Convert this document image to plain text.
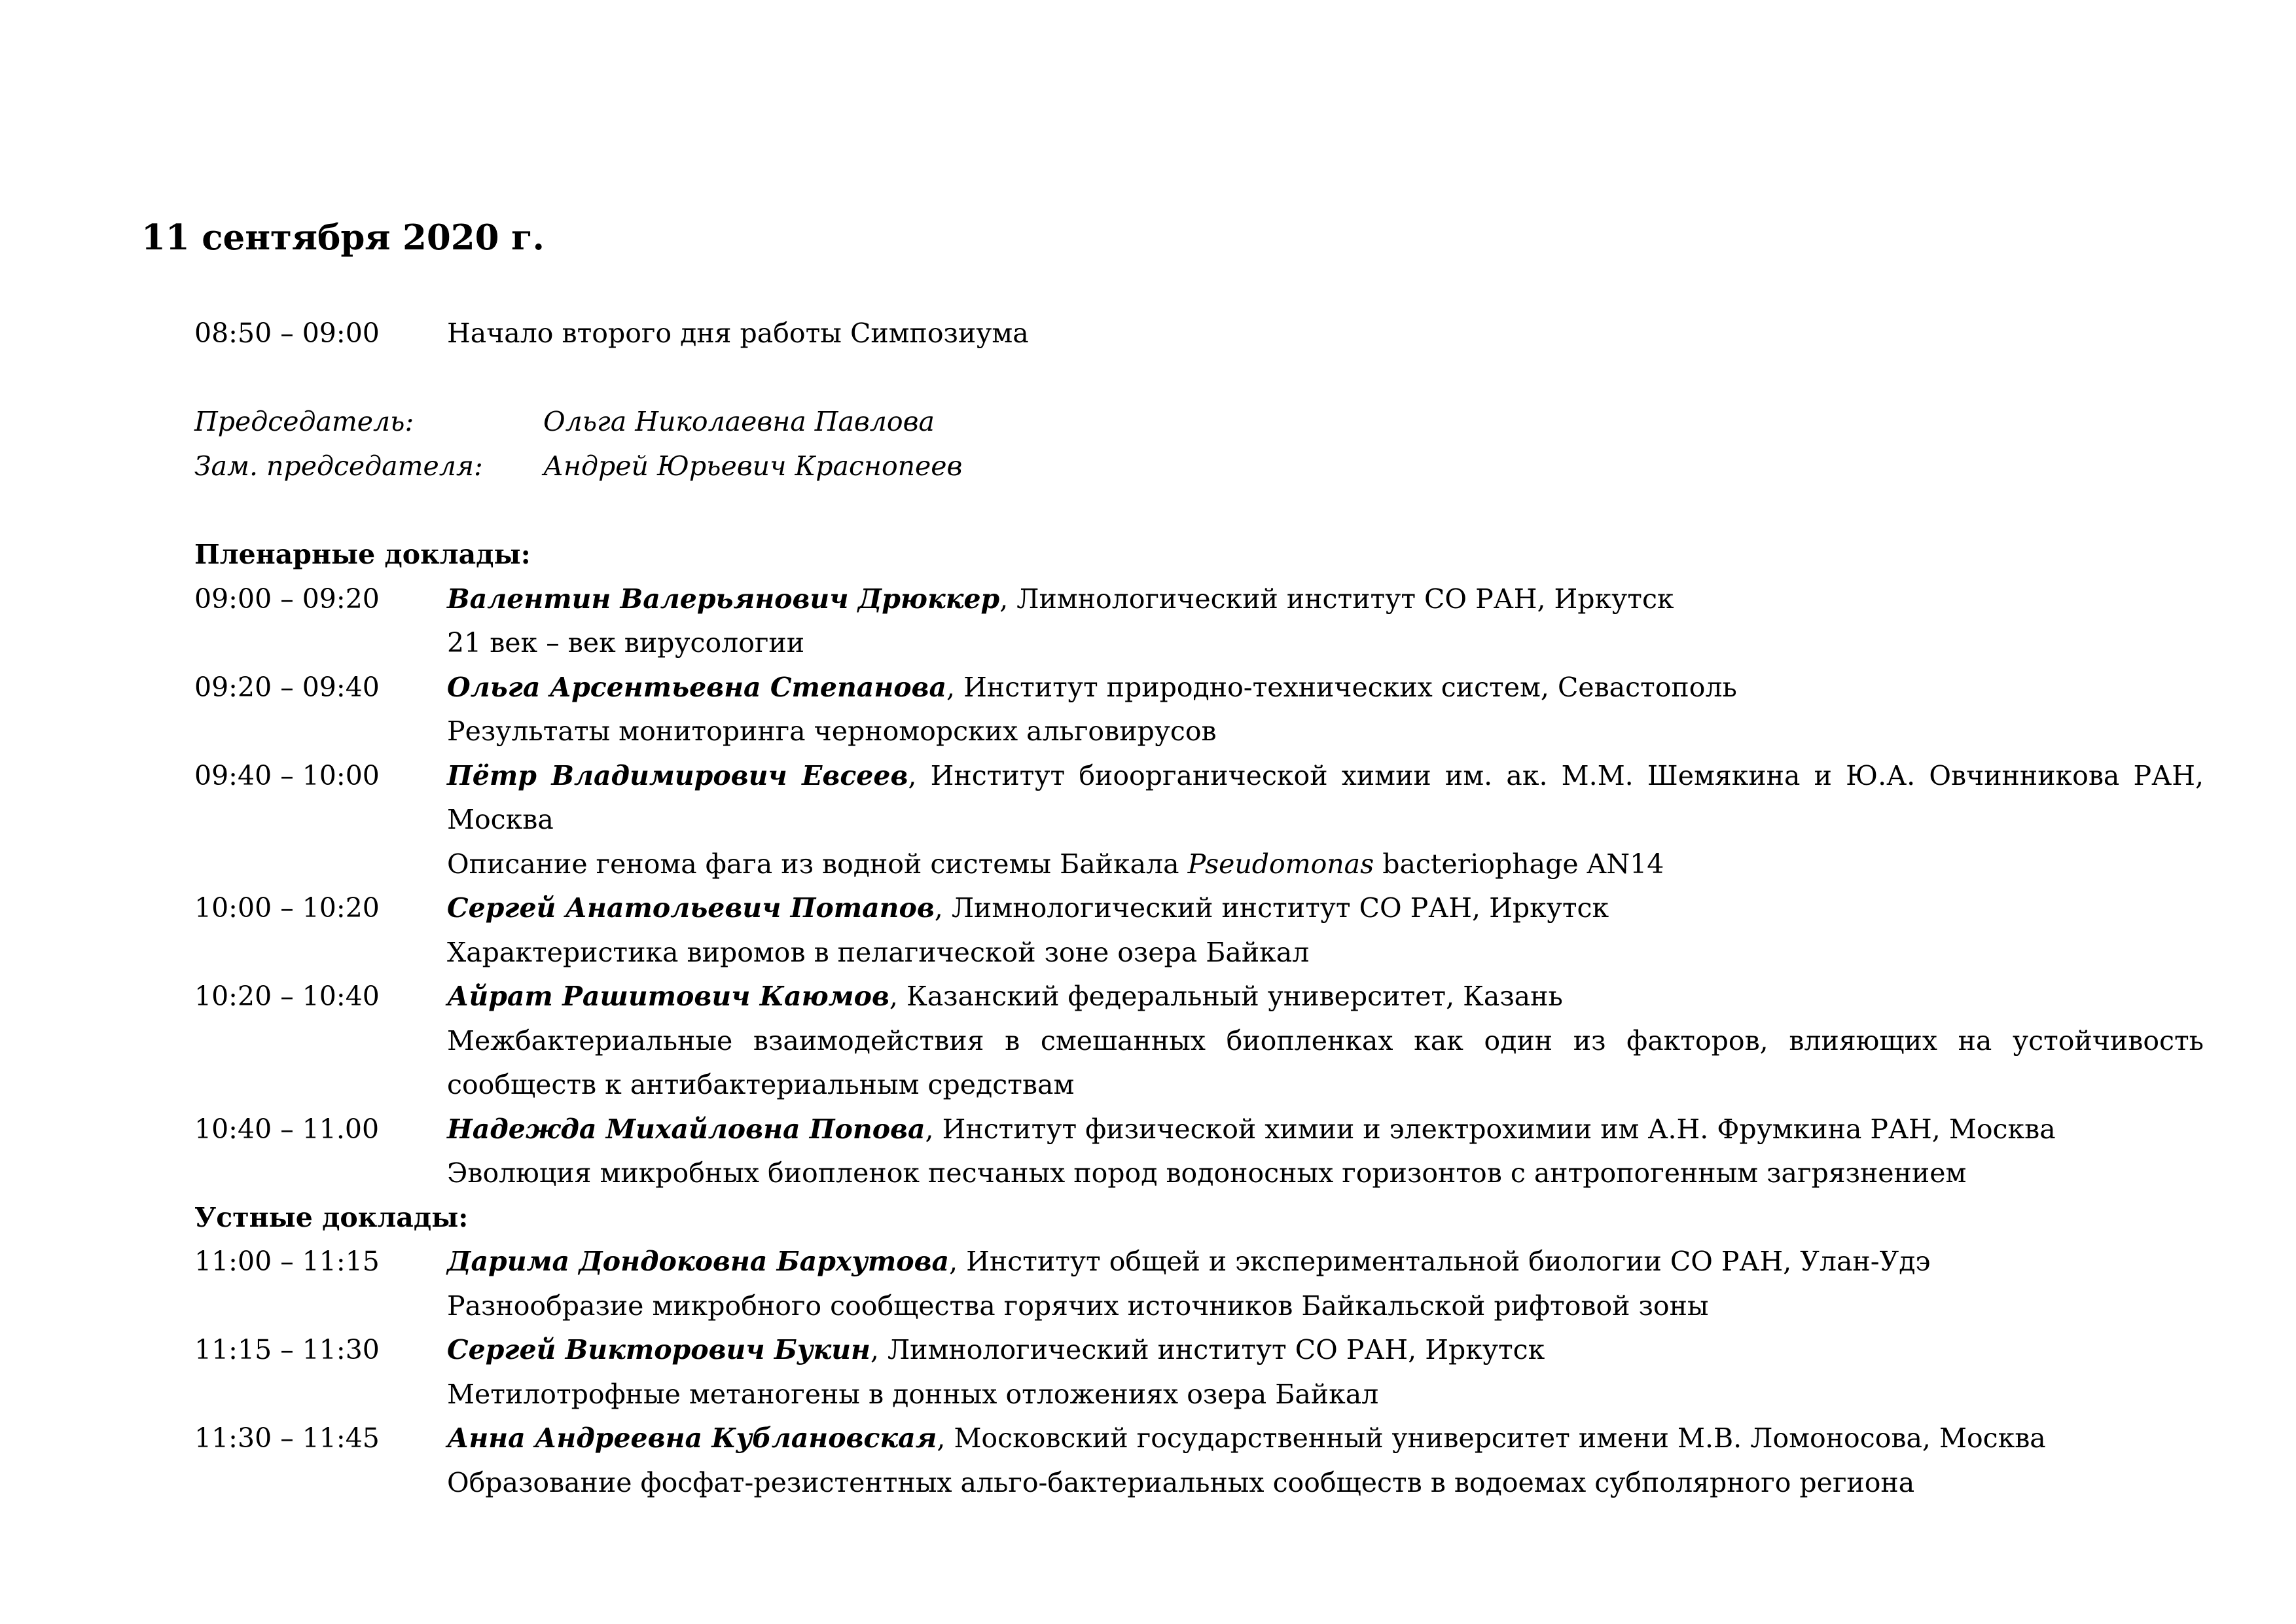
11 сентября 2020 г.
08:50 – 09:00	Начало второго дня работы Симпозиума
Председатель:	Ольга Николаевна Павлова
Зам. председателя:	Андрей Юрьевич Краснопеев
Пленарные доклады:
09:00 – 09:20	Валентин Валерьянович Дрюккер, Лимнологический институт СО РАН, Иркутск
21 век – век вирусологии
09:20 – 09:40	Ольга Арсентьевна Степанова, Институт природно-технических систем, Севастополь
Результаты мониторинга черноморских альговирусов
09:40 – 10:00	Пётр Владимирович Евсеев, Институт биоорганической химии им. ак. М.М. Шемякина и Ю.А. Овчинникова РАН, Москва
Описание генома фага из водной системы Байкала Pseudomonas bacteriophage AN14
10:00 – 10:20	Сергей Анатольевич Потапов, Лимнологический институт СО РАН, Иркутск
Характеристика виромов в пелагической зоне озера Байкал
10:20 – 10:40	Айрат Рашитович Каюмов, Казанский федеральный университет, Казань
Межбактериальные взаимодействия в смешанных биопленках как один из факторов, влияющих на устойчивость сообществ к антибактериальным средствам
10:40 – 11.00	Надежда Михайловна Попова, Институт физической химии и электрохимии им А.Н. Фрумкина РАН, Москва
Эволюция микробных биопленок песчаных пород водоносных горизонтов с антропогенным загрязнением
Устные доклады:
11:00 – 11:15	Дарима Дондоковна Бархутова, Институт общей и экспериментальной биологии СО РАН, Улан-Удэ
Разнообразие микробного сообщества горячих источников Байкальской рифтовой зоны
11:15 – 11:30	Сергей Викторович Букин, Лимнологический институт СО РАН, Иркутск
Метилотрофные метаногены в донных отложениях озера Байкал
11:30 – 11:45	Анна Андреевна Кублановская, Московский государственный университет имени М.В. Ломоносова, Москва
Образование фосфат-резистентных альго-бактериальных сообществ в водоемах субполярного региона
